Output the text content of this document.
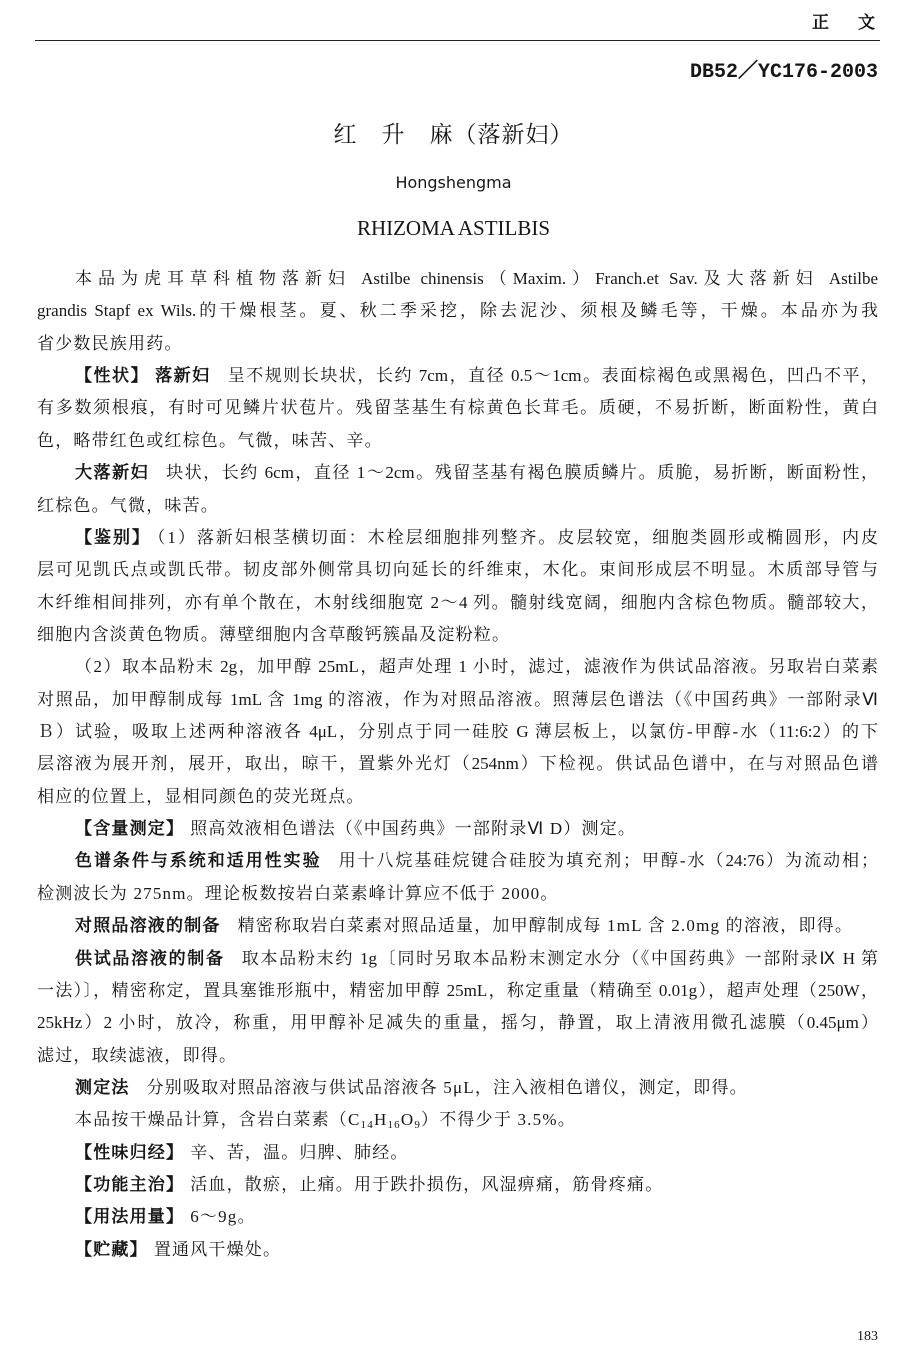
正　文
DB52／YC176-2003
红　升　麻（落新妇）
Hongshengma
RHIZOMA ASTILBIS
本品为虎耳草科植物落新妇 Astilbe chinensis（Maxim.）Franch.et Sav.及大落新妇 Astilbe
grandis Stapf ex Wils.的干燥根茎。夏、秋二季采挖，除去泥沙、须根及鳞毛等，干燥。本品亦为我
省少数民族用药。
【性状】 落新妇 呈不规则长块状，长约 7cm，直径 0.5～1cm。表面棕褐色或黑褐色，凹凸不平，
有多数须根痕，有时可见鳞片状苞片。残留茎基生有棕黄色长茸毛。质硬，不易折断，断面粉性，黄白
色，略带红色或红棕色。气微，味苦、辛。
大落新妇 块状，长约 6cm，直径 1～2cm。残留茎基有褐色膜质鳞片。质脆，易折断，断面粉性，
红棕色。气微，味苦。
【鉴别】 （1）落新妇根茎横切面：木栓层细胞排列整齐。皮层较宽，细胞类圆形或椭圆形，内皮
层可见凯氏点或凯氏带。韧皮部外侧常具切向延长的纤维束，木化。束间形成层不明显。木质部导管与
木纤维相间排列，亦有单个散在，木射线细胞宽 2～4 列。髓射线宽阔，细胞内含棕色物质。髓部较大，
细胞内含淡黄色物质。薄壁细胞内含草酸钙簇晶及淀粉粒。
（2）取本品粉末 2g，加甲醇 25mL，超声处理 1 小时，滤过，滤液作为供试品溶液。另取岩白菜素
对照品，加甲醇制成每 1mL 含 1mg 的溶液，作为对照品溶液。照薄层色谱法（《中国药典》一部附录Ⅵ
Ｂ）试验，吸取上述两种溶液各 4μL，分别点于同一硅胶 G 薄层板上，以氯仿-甲醇-水（11:6:2）的下
层溶液为展开剂，展开，取出，晾干，置紫外光灯（254nm）下检视。供试品色谱中，在与对照品色谱
相应的位置上，显相同颜色的荧光斑点。
【含量测定】 照高效液相色谱法（《中国药典》一部附录Ⅵ D）测定。
色谱条件与系统和适用性实验 用十八烷基硅烷键合硅胶为填充剂；甲醇-水（24:76）为流动相；
检测波长为 275nm。理论板数按岩白菜素峰计算应不低于 2000。
对照品溶液的制备 精密称取岩白菜素对照品适量，加甲醇制成每 1mL 含 2.0mg 的溶液，即得。
供试品溶液的制备 取本品粉末约 1g〔同时另取本品粉末测定水分（《中国药典》一部附录Ⅸ H 第
一法）〕，精密称定，置具塞锥形瓶中，精密加甲醇 25mL，称定重量（精确至 0.01g），超声处理（250W，
25kHz）2 小时，放冷，称重，用甲醇补足减失的重量，摇匀，静置，取上清液用微孔滤膜（0.45μm）
滤过，取续滤液，即得。
测定法 分别吸取对照品溶液与供试品溶液各 5μL，注入液相色谱仪，测定，即得。
本品按干燥品计算，含岩白菜素$(C_{14}H_{16}O_9)$不得少于 3.5%。
【性味归经】 辛、苦，温。归脾、肺经。
【功能主治】 活血，散瘀，止痛。用于跌扑损伤，风湿痹痛，筋骨疼痛。
【用法用量】 6～9g。
【贮藏】 置通风干燥处。
183
